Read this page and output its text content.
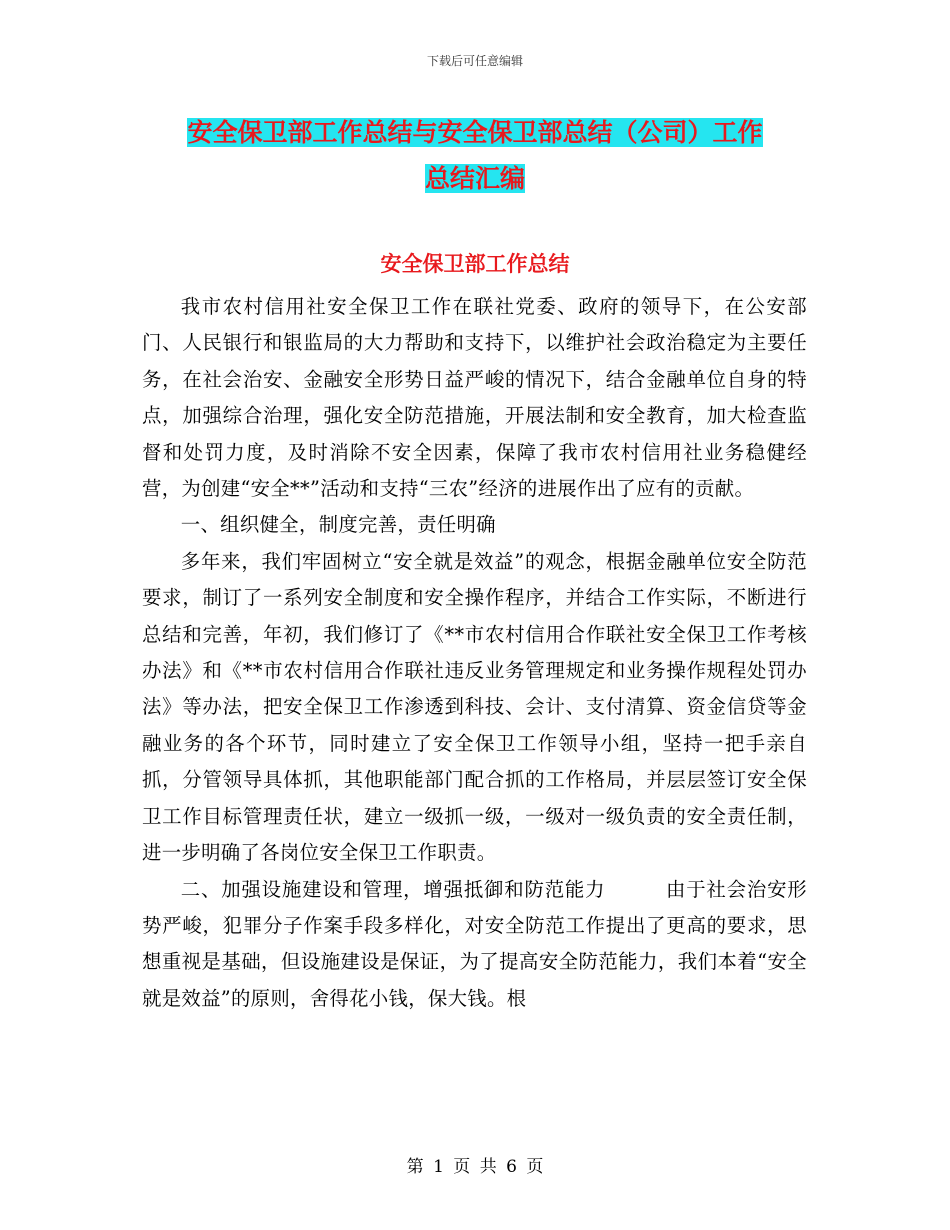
下载后可任意编辑
安全保卫部工作总结与安全保卫部总结（公司）工作
总结汇编
安全保卫部工作总结

我市农村信用社安全保卫工作在联社党委、政府的领导下，在公安部门、人民银行和银监局的大力帮助和支持下，以维护社会政治稳定为主要任务，在社会治安、金融安全形势日益严峻的情况下，结合金融单位自身的特点，加强综合治理，强化安全防范措施，开展法制和安全教育，加大检查监督和处罚力度，及时消除不安全因素，保障了我市农村信用社业务稳健经营，为创建“安全**”活动和支持“三农”经济的进展作出了应有的贡献。

一、组织健全，制度完善，责任明确

多年来，我们牢固树立“安全就是效益”的观念，根据金融单位安全防范要求，制订了一系列安全制度和安全操作程序，并结合工作实际，不断进行总结和完善，年初，我们修订了《**市农村信用合作联社安全保卫工作考核办法》和《**市农村信用合作联社违反业务管理规定和业务操作规程处罚办法》等办法，把安全保卫工作渗透到科技、会计、支付清算、资金信贷等金融业务的各个环节，同时建立了安全保卫工作领导小组，坚持一把手亲自抓，分管领导具体抓，其他职能部门配合抓的工作格局，并层层签订安全保卫工作目标管理责任状，建立一级抓一级，一级对一级负责的安全责任制，进一步明确了各岗位安全保卫工作职责。

二、加强设施建设和管理，增强抵御和防范能力　　　由于社会治安形势严峻，犯罪分子作案手段多样化，对安全防范工作提出了更高的要求，思想重视是基础，但设施建设是保证，为了提高安全防范能力，我们本着“安全就是效益”的原则，舍得花小钱，保大钱。根

第 1 页 共 6 页
